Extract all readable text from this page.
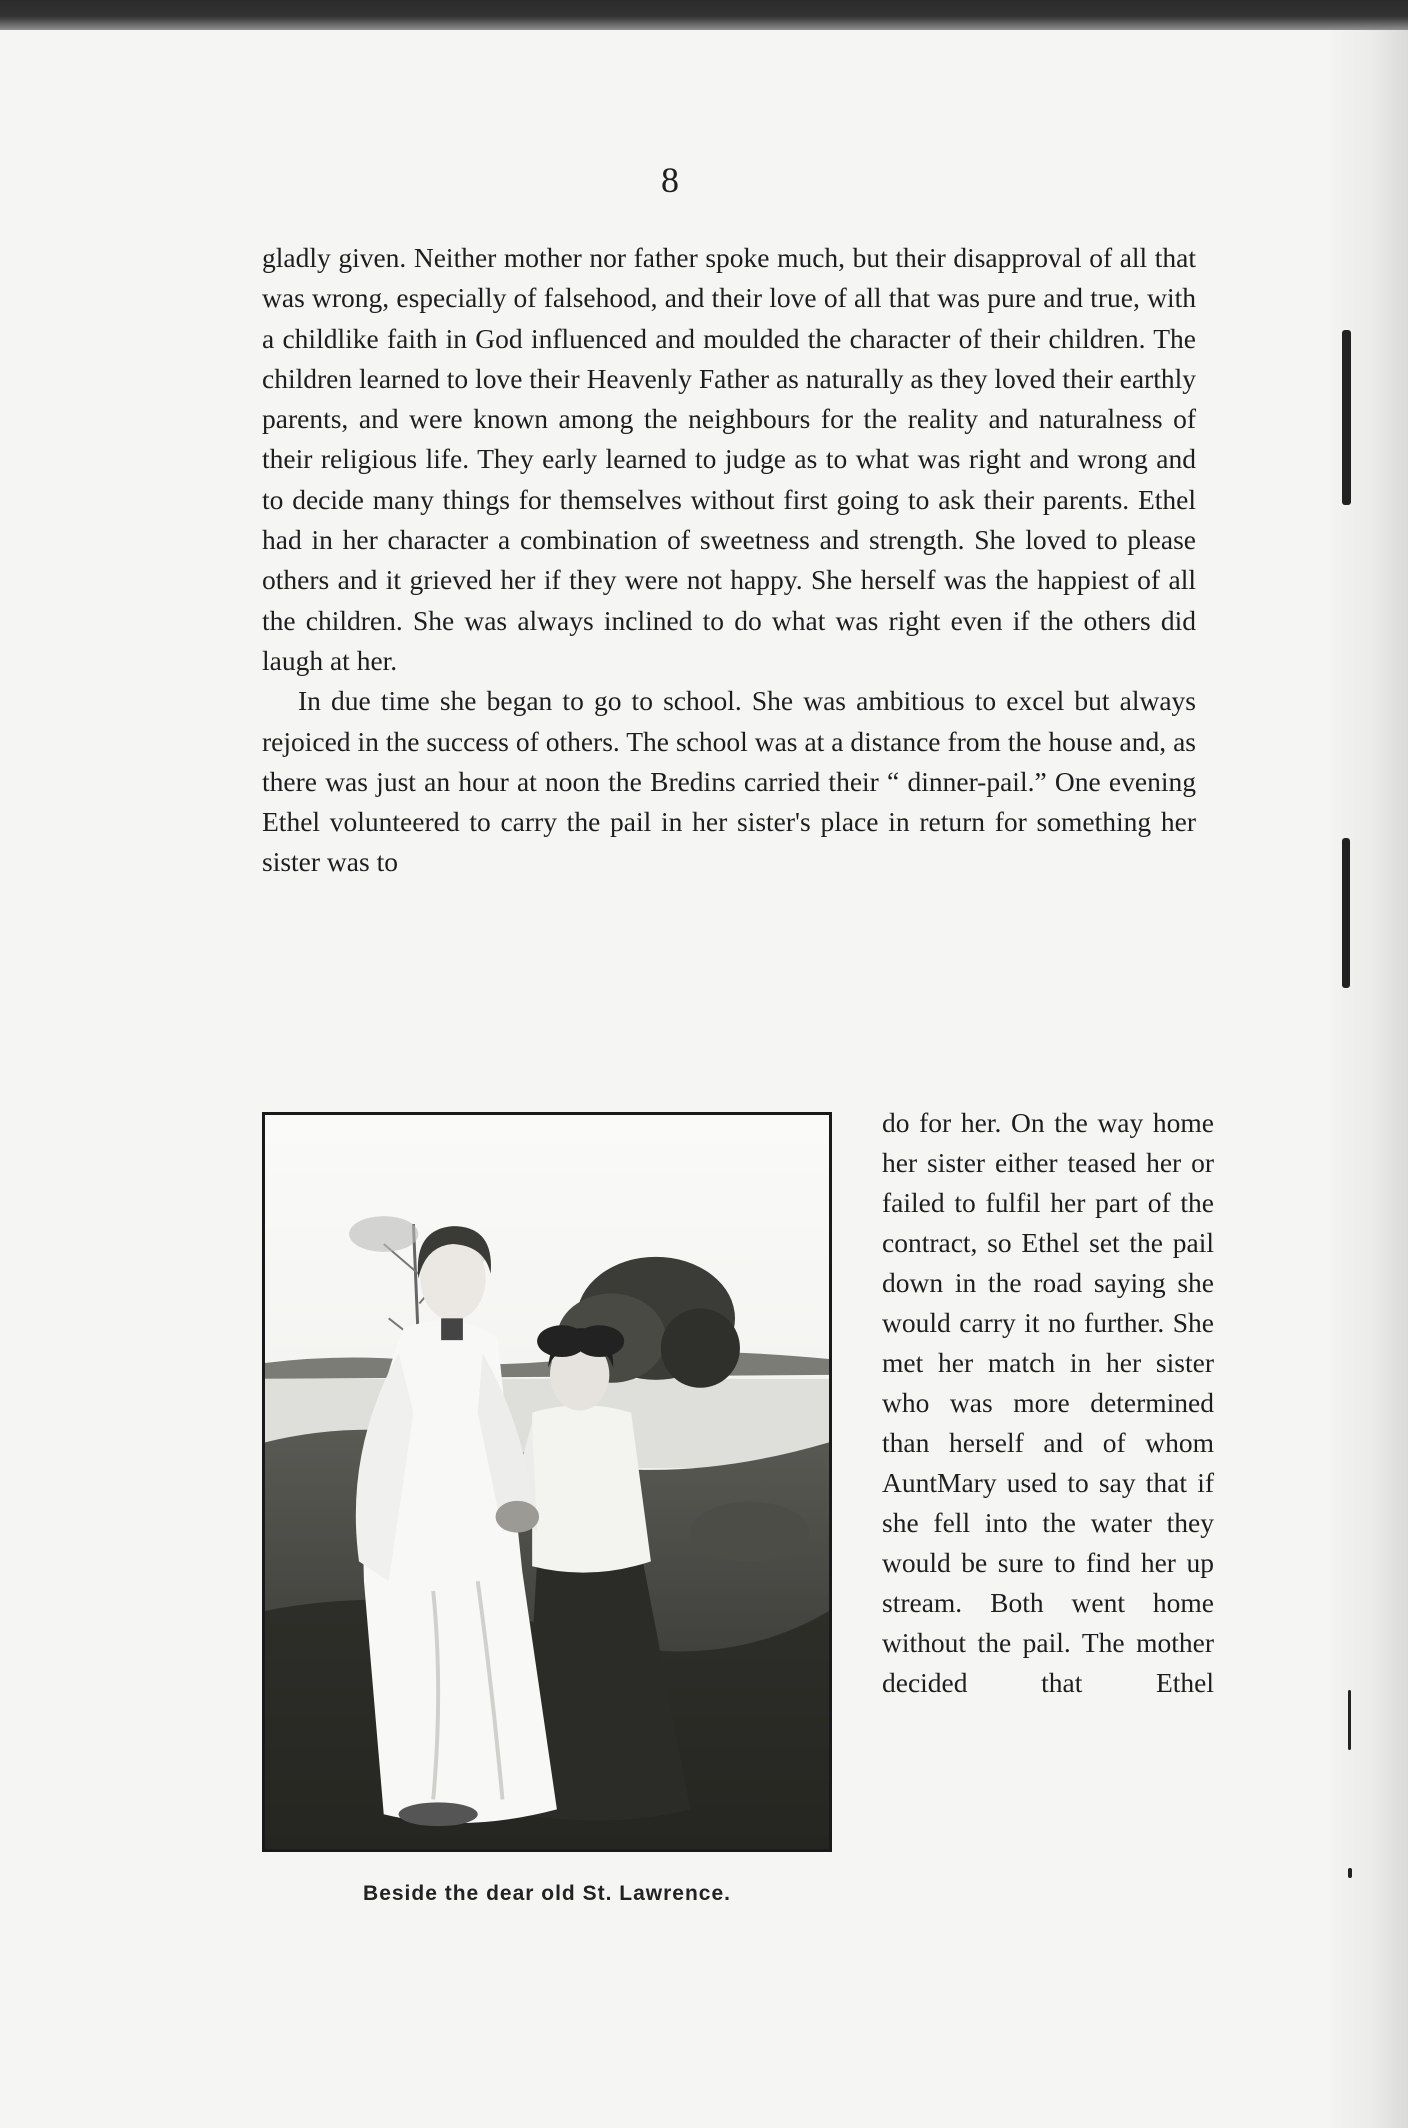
8

gladly given. Neither mother nor father spoke much, but their disapproval of all that was wrong, especially of falsehood, and their love of all that was pure and true, with a childlike faith in God influenced and moulded the character of their children. The children learned to love their Heavenly Father as naturally as they loved their earthly parents, and were known among the neighbours for the reality and naturalness of their religious life. They early learned to judge as to what was right and wrong and to decide many things for themselves without first going to ask their parents. Ethel had in her character a combination of sweetness and strength. She loved to please others and it grieved her if they were not happy. She herself was the happiest of all the children. She was always inclined to do what was right even if the others did laugh at her.

In due time she began to go to school. She was ambitious to excel but always rejoiced in the success of others. The school was at a distance from the house and, as there was just an hour at noon the Bredins carried their “ dinner-pail.” One evening Ethel volunteered to carry the pail in her sister's place in return for something her sister was to

Beside the dear old St. Lawrence.

do for her. On the way home her sister either teased her or failed to fulfil her part of the contract, so Ethel set the pail down in the road saying she would carry it no further. She met her match in her sister who was more determined than herself and of whom AuntMary used to say that if she fell into the water they would be sure to find her up stream. Both went home without the pail. The mother decided that Ethel
